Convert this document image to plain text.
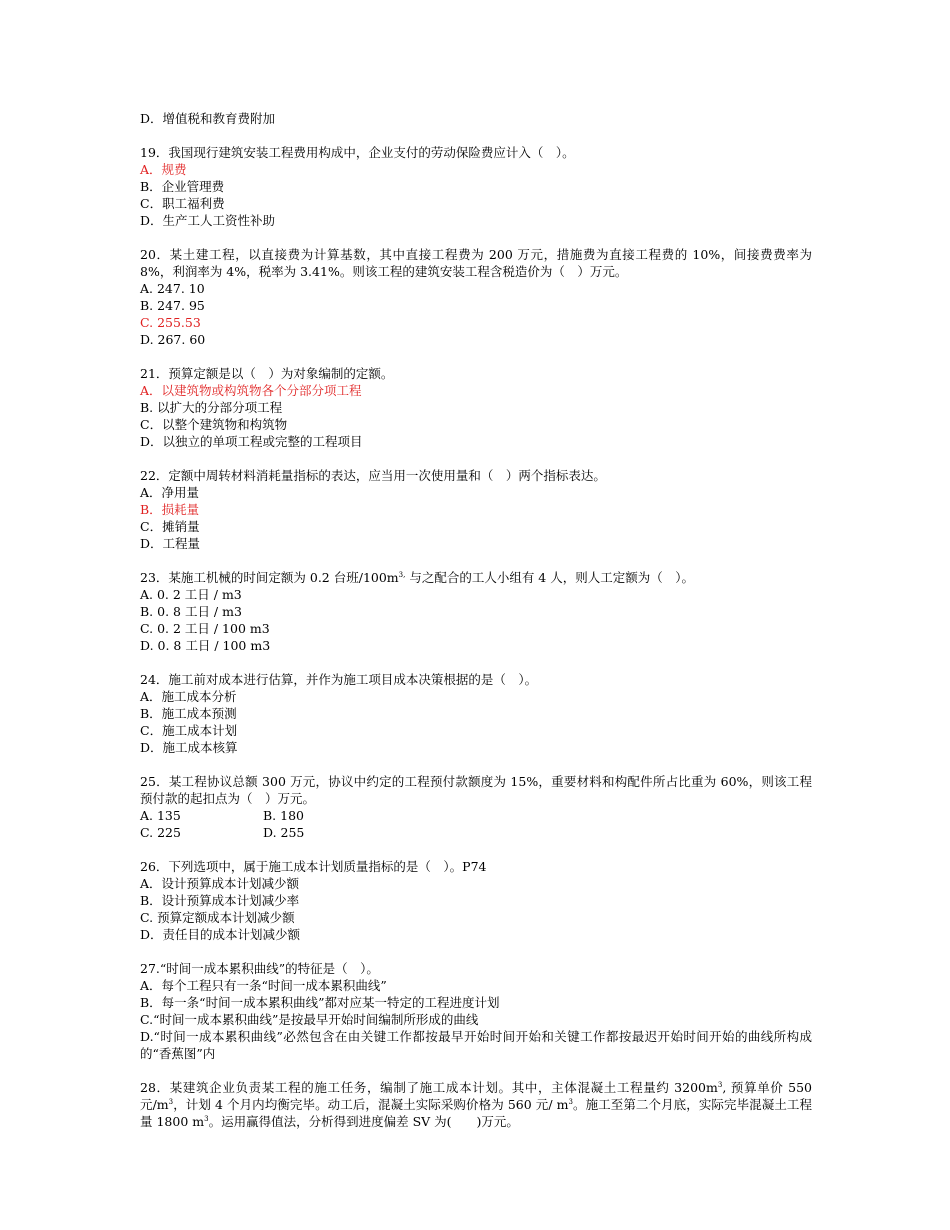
D．增值税和教育费附加
19．我国现行建筑安装工程费用构成中，企业支付的劳动保险费应计入（　）。
A．规费
B．企业管理费
C．职工福利费
D．生产工人工资性补助
20．某土建工程，以直接费为计算基数，其中直接工程费为 200 万元，措施费为直接工程费的 10%，间接费费率为 8%，利润率为 4%，税率为 3.41%。则该工程的建筑安装工程含税造价为（　）万元。
A. 247. 10
B. 247. 95
C. 255.53
D. 267. 60
21．预算定额是以（　）为对象编制的定额。
A．以建筑物或构筑物各个分部分项工程
B. 以扩大的分部分项工程
C．以整个建筑物和构筑物
D．以独立的单项工程或完整的工程项目
22．定额中周转材料消耗量指标的表达，应当用一次使用量和（　）两个指标表达。
A．净用量
B．损耗量
C．摊销量
D．工程量
23．某施工机械的时间定额为 0.2 台班$/100m^{3,}$ 与之配合的工人小组有 4 人，则人工定额为（　）。
A. 0. 2 工日 / m3
B. 0. 8 工日 / m3
C. 0. 2 工日 / 100 m3
D. 0. 8 工日 / 100 m3
24．施工前对成本进行估算，并作为施工项目成本决策根据的是（　）。
A．施工成本分析
B．施工成本预测
C．施工成本计划
D．施工成本核算
25．某工程协议总额 300 万元，协议中约定的工程预付款额度为 15%，重要材料和构配件所占比重为 60%，则该工程预付款的起扣点为（　）万元。
A. 135	B. 180
C. 225	D. 255
26．下列选项中，属于施工成本计划质量指标的是（　）。P74
A．设计预算成本计划减少额
B．设计预算成本计划减少率
C. 预算定额成本计划减少额
D．责任目的成本计划减少额
27.“时间一成本累积曲线”的特征是（　）。
A．每个工程只有一条“时间一成本累积曲线”
B．每一条“时间一成本累积曲线”都对应某一特定的工程进度计划
C.“时间一成本累积曲线”是按最早开始时间编制所形成的曲线
D.“时间一成本累积曲线”必然包含在由关键工作都按最早开始时间开始和关键工作都按最迟开始时间开始的曲线所构成的“香蕉图”内
28．某建筑企业负责某工程的施工任务，编制了施工成本计划。其中，主体混凝土工程量约 $3200m^3$, 预算单价 550 元$/m^3$，计划 4 个月内均衡完毕。动工后，混凝土实际采购价格为 560 元/ $m^3$。施工至第二个月底，实际完毕混凝土工程量 1800 $m^3$。运用赢得值法，分析得到进度偏差 SV 为(　　)万元。
